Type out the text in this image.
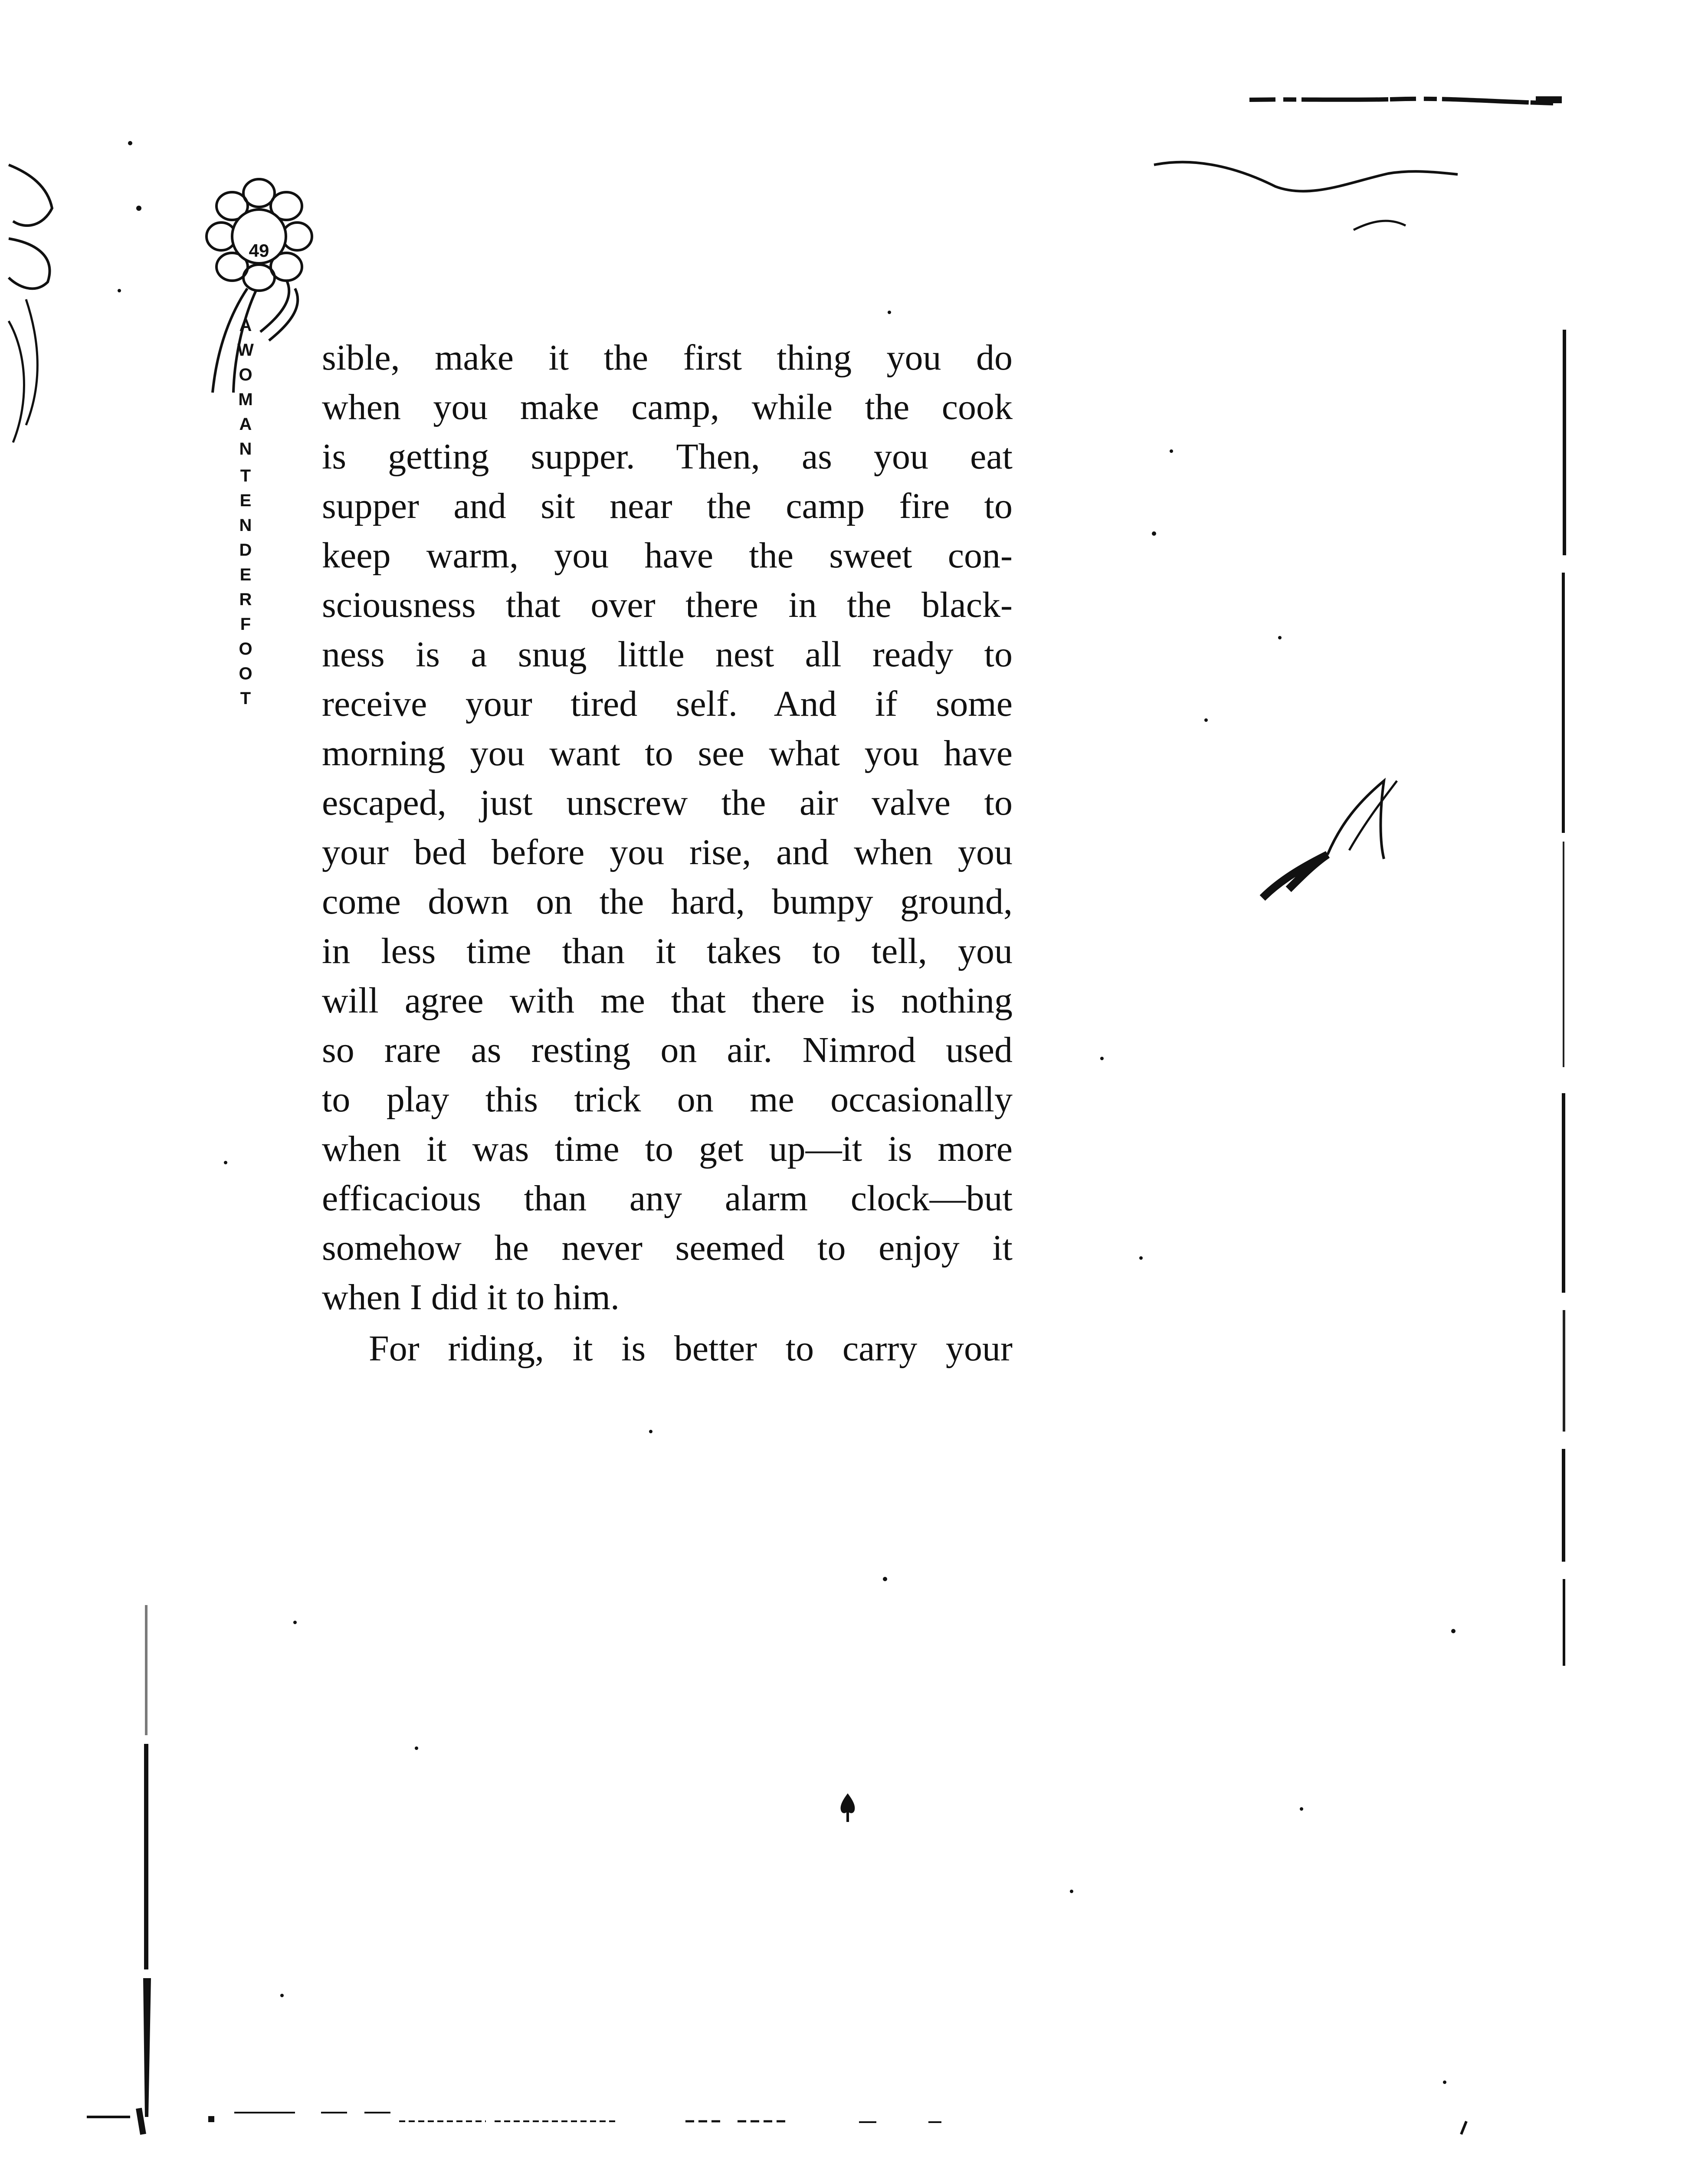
49
A
W
O
M
A
N
T
E
N
D
E
R
F
O
O
T
sible, make it the first thing you do
when you make camp, while the cook
is getting supper. Then, as you eat
supper and sit near the camp fire to
keep warm, you have the sweet con-
sciousness that over there in the black-
ness is a snug little nest all ready to
receive your tired self. And if some
morning you want to see what you have
escaped, just unscrew the air valve to
your bed before you rise, and when you
come down on the hard, bumpy ground,
in less time than it takes to tell, you
will agree with me that there is nothing
so rare as resting on air. Nimrod used
to play this trick on me occasionally
when it was time to get up—it is more
efficacious than any alarm clock—but
somehow he never seemed to enjoy it
when I did it to him.
For riding, it is better to carry your
